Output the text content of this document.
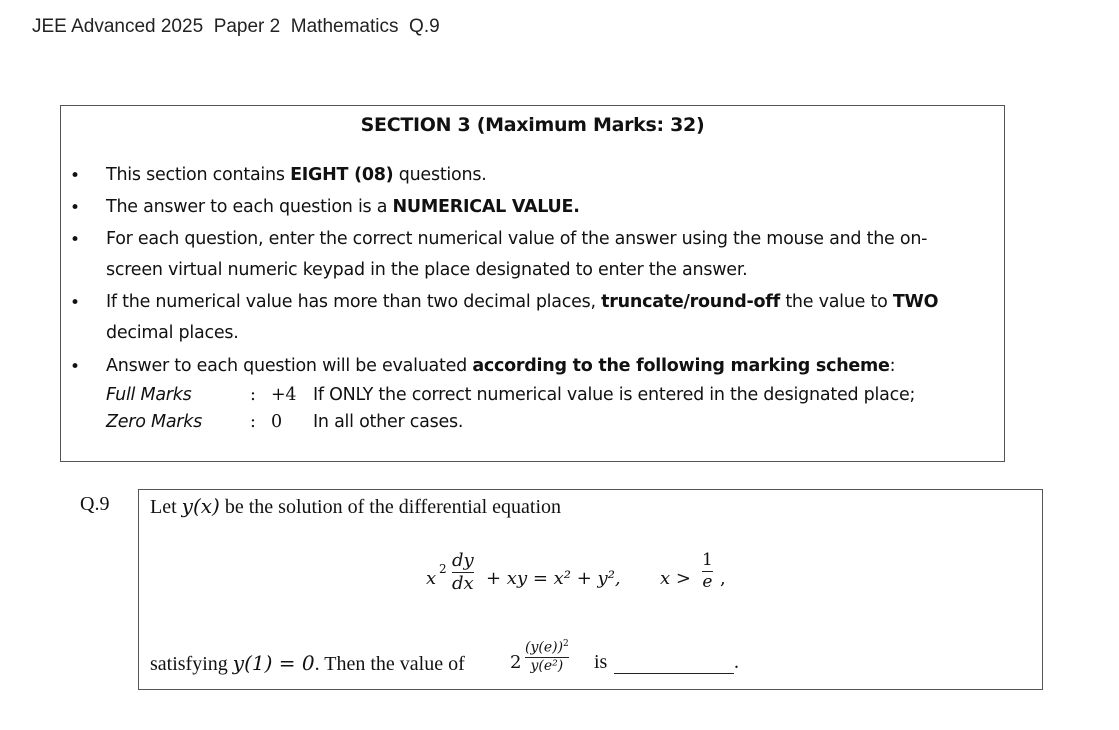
JEE Advanced 2025  Paper 2  Mathematics  Q.9
SECTION 3 (Maximum Marks: 32)
• This section contains EIGHT (08) questions.
• The answer to each question is a NUMERICAL VALUE.
• For each question, enter the correct numerical value of the answer using the mouse and the on-screen virtual numeric keypad in the place designated to enter the answer.
• If the numerical value has more than two decimal places, truncate/round-off the value to TWO decimal places.
• Answer to each question will be evaluated according to the following marking scheme:
Full Marks	: +4 If ONLY the correct numerical value is entered in the designated place;
Zero Marks	: 0 In all other cases.
Q.9 Let y(x) be the solution of the differential equation
x 2 dy
dx + xy = x² + y², x >
1
e ,
satisfying y(1) = 0. Then the value of	2
$(y(e))^2$
y(e²) is	.
